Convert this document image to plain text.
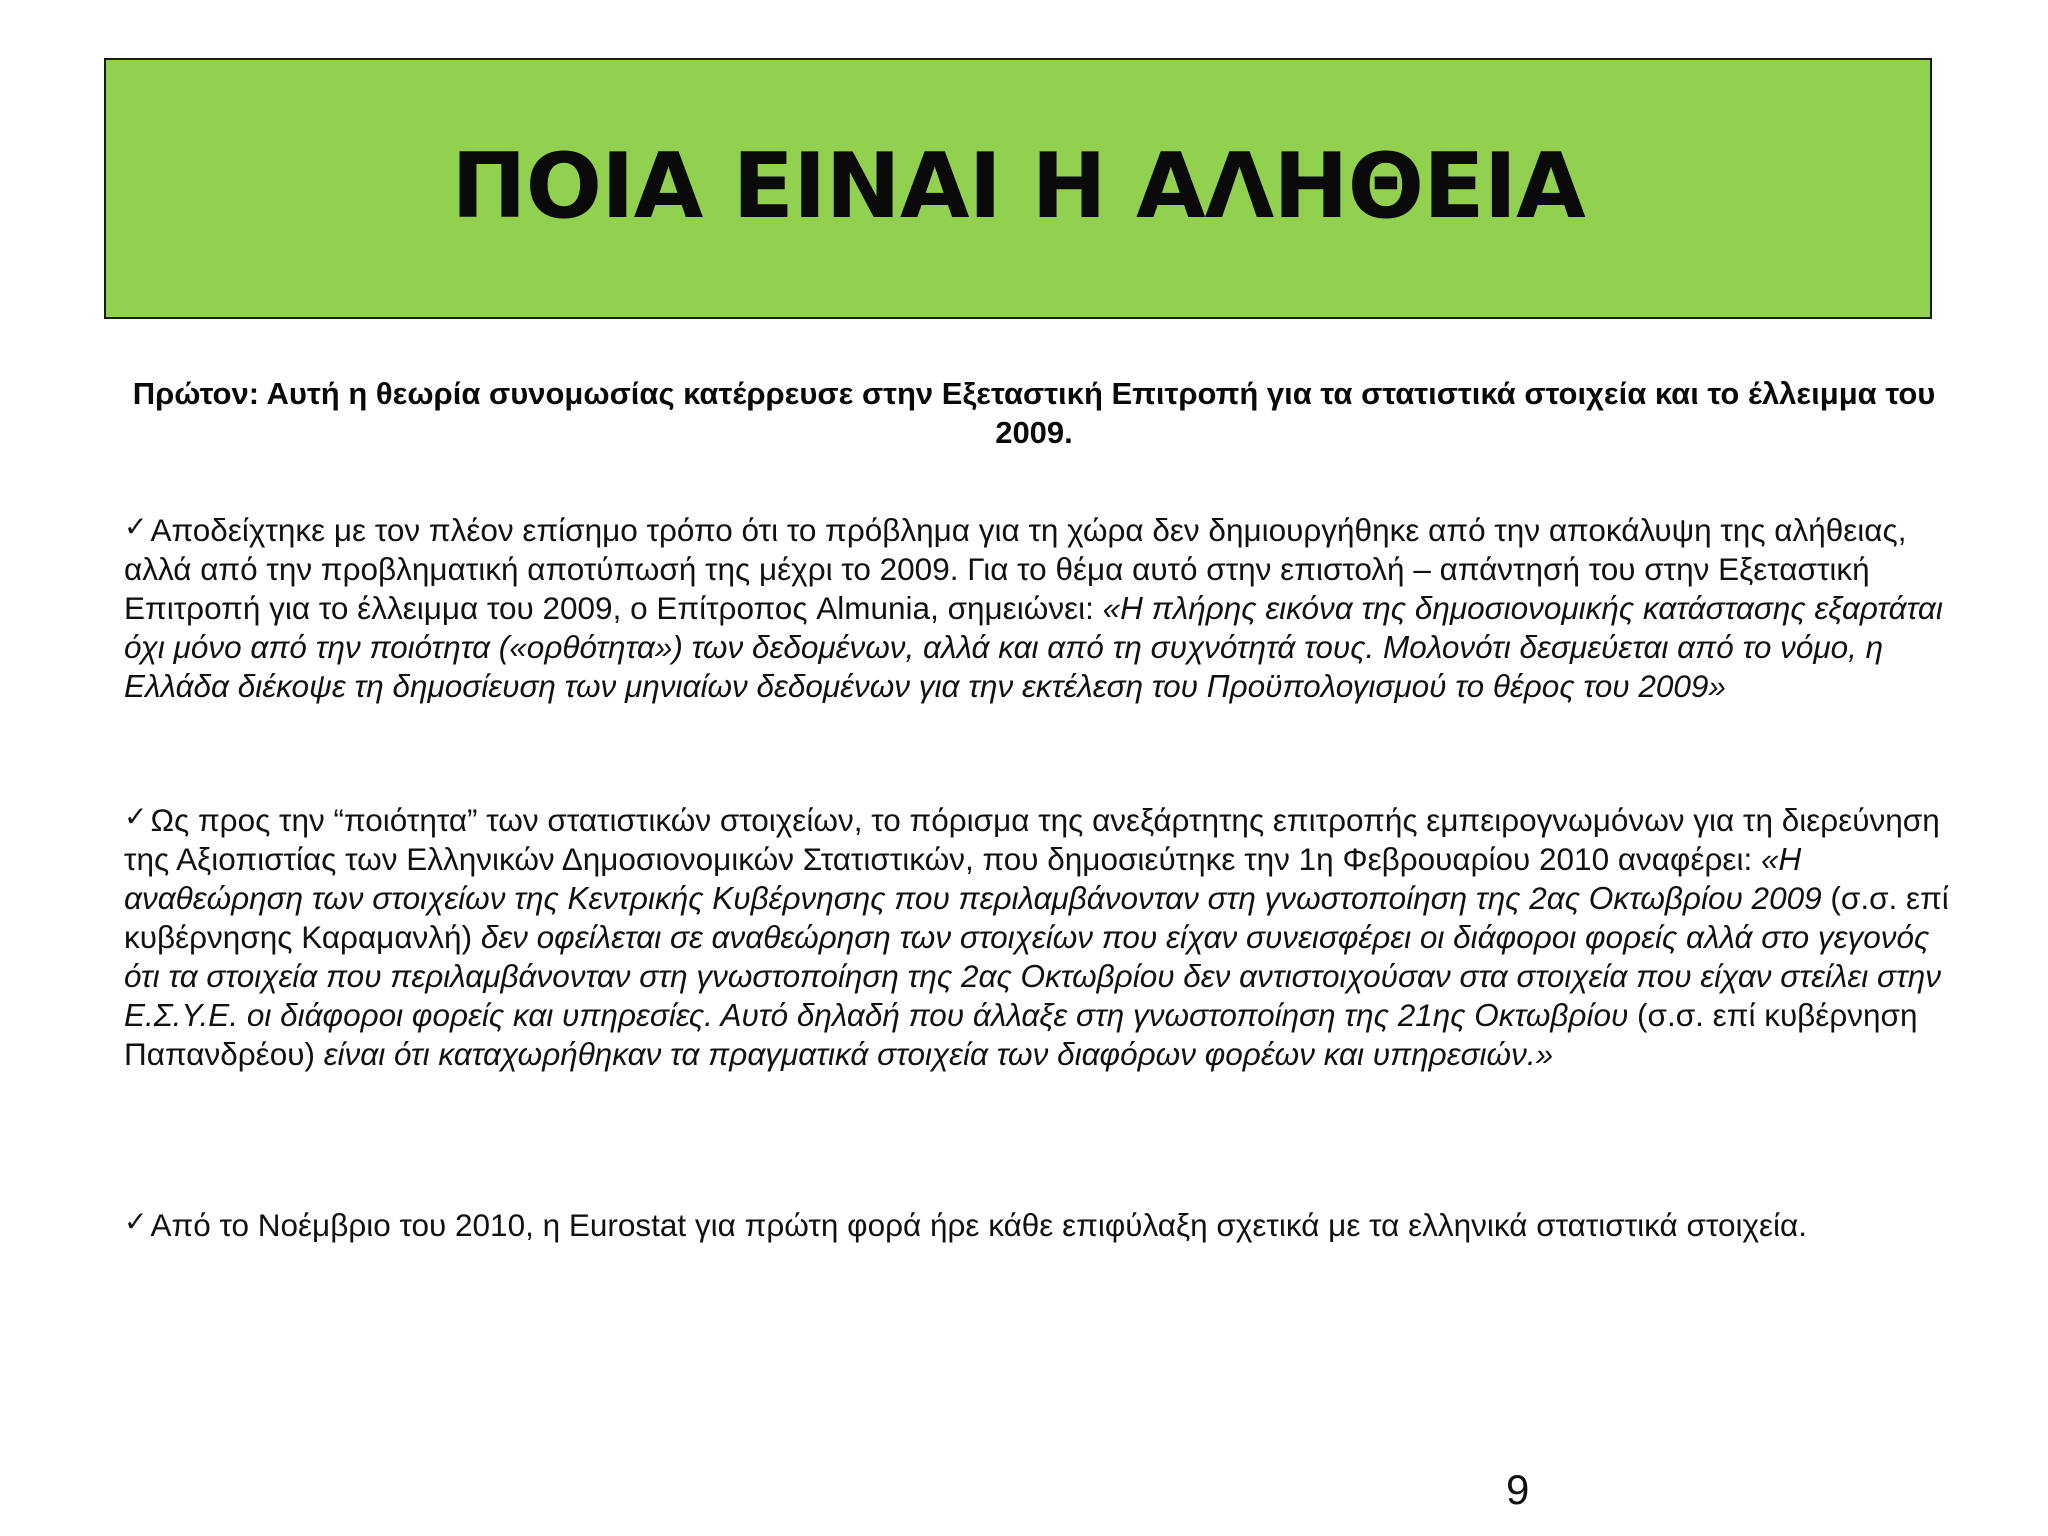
ΠΟΙΑ ΕΙΝΑΙ Η ΑΛΗΘΕΙΑ
Πρώτον: Αυτή η θεωρία συνομωσίας κατέρρευσε στην Εξεταστική Επιτροπή για τα στατιστικά στοιχεία και το έλλειμμα του 2009.
✓Αποδείχτηκε με τον πλέον επίσημο τρόπο ότι το πρόβλημα για τη χώρα δεν δημιουργήθηκε από την αποκάλυψη της αλήθειας, αλλά από την προβληματική αποτύπωσή της μέχρι το 2009. Για το θέμα αυτό στην επιστολή – απάντησή του στην Εξεταστική Επιτροπή για το έλλειμμα του 2009, ο Επίτροπος Almunia, σημειώνει: «Η πλήρης εικόνα της δημοσιονομικής κατάστασης εξαρτάται όχι μόνο από την ποιότητα («ορθότητα») των δεδομένων, αλλά και από τη συχνότητά τους. Μολονότι δεσμεύεται από το νόμο, η Ελλάδα διέκοψε τη δημοσίευση των μηνιαίων δεδομένων για την εκτέλεση του Προϋπολογισμού το θέρος του 2009»
✓Ως προς την “ποιότητα” των στατιστικών στοιχείων, το πόρισμα της ανεξάρτητης επιτροπής εμπειρογνωμόνων για τη διερεύνηση της Αξιοπιστίας των Ελληνικών Δημοσιονομικών Στατιστικών, που δημοσιεύτηκε την 1η Φεβρουαρίου 2010 αναφέρει: «Η αναθεώρηση των στοιχείων της Κεντρικής Κυβέρνησης που περιλαμβάνονταν στη γνωστοποίηση της 2ας Οκτωβρίου 2009 (σ.σ. επί κυβέρνησης Καραμανλή) δεν οφείλεται σε αναθεώρηση των στοιχείων που είχαν συνεισφέρει οι διάφοροι φορείς αλλά στο γεγονός ότι τα στοιχεία που περιλαμβάνονταν στη γνωστοποίηση της 2ας Οκτωβρίου δεν αντιστοιχούσαν στα στοιχεία που είχαν στείλει στην Ε.Σ.Υ.Ε. οι διάφοροι φορείς και υπηρεσίες. Αυτό δηλαδή που άλλαξε στη γνωστοποίηση της 21ης Οκτωβρίου (σ.σ. επί κυβέρνηση Παπανδρέου) είναι ότι καταχωρήθηκαν τα πραγματικά στοιχεία των διαφόρων φορέων και υπηρεσιών.»
✓Από το Νοέμβριο του 2010, η Eurostat για πρώτη φορά ήρε κάθε επιφύλαξη σχετικά με τα ελληνικά στατιστικά στοιχεία.
9
